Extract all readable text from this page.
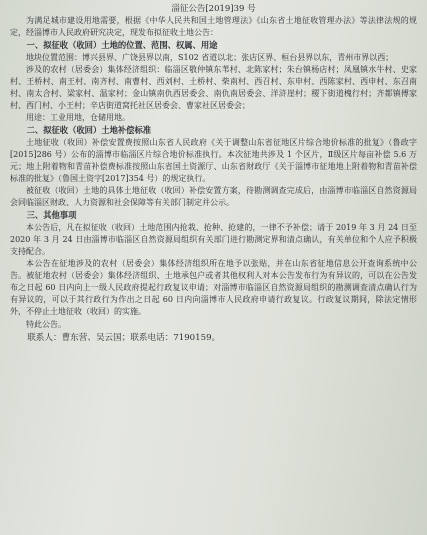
淄征公告[2019]39 号

为满足城市建设用地需要，根据《中华人民共和国土地管理法》《山东省土地征收管理办法》等法律法规的规定，经淄博市人民政府研究决定，现发布拟征收土地公告：

一、拟征收（收回）土地的位置、范围、权属、用途

地块位置范围：博兴县界、广饶县界以南，S102 省道以北；张店区界、桓台县界以东，青州市界以西；

涉及的农村（居委会）集体经济组织：临淄区敬仲镇东苇村、北陈家村；朱台镇杨店村；凤凰镇水牛村、史家村、王桥村、南王村、南齐村、南曹村、西刘村、土桥村、柴南村、西召村、东申村、西陈家村、西申村、东召南村、南太合村、梁家村、温家村；金山镇南仇西居委会、南仇南居委会、洋浒崖村；稷下街道槐行村；齐都镇傅家村、西门村、小王村；辛店街道窝托社区居委会、曹家社区居委会；

用途：工业用地，仓储用地。

二、拟征收（收回）土地补偿标准

土地征收（收回）补偿安置费按照山东省人民政府《关于调整山东省征地区片综合地价标准的批复》（鲁政字[2015]286 号）公布的淄博市临淄区片综合地价标准执行。本次征地共涉及 1 个区片，Ⅱ级区片每亩补偿 5.6 万元；地上附着物和青苗补偿费标准按照山东省国土资源厅、山东省财政厅《关于淄博市征地地上附着物和青苗补偿标准的批复》（鲁国土资字[2017]354 号）的规定执行。

被征收（收回）土地的具体土地征收（收回）补偿安置方案，待勘测调查完成后，由淄博市临淄区自然资源局会同临淄区财政、人力资源和社会保障等有关部门制定并公示。

三、其他事项

本公告后，凡在拟征收（收回）土地范围内抢栽、抢种、抢建的，一律不予补偿；请于 2019 年 3 月 24 日至 2020 年 3 月 24 日由淄博市临淄区自然资源局组织有关部门进行勘测定界和清点确认，有关单位和个人应予积极支持配合。

本公告在征地涉及的农村（居委会）集体经济组织所在地予以张贴，并在山东省征地信息公开查询系统中公告。被征地农村（居委会）集体经济组织、土地承包户或者其他权利人对本公告发布行为有异议的，可以在公告发布之日起 60 日内向上一级人民政府提起行政复议申请；对淄博市临淄区自然资源局组织的勘测调查清点确认行为有异议的，可以于其行政行为作出之日起 60 日内向淄博市人民政府申请行政复议。行政复议期间，除法定情形外，不停止土地征收（收回）的实施。

特此公告。

联系人：曹东营、吴云国；联系电话：7190159。
